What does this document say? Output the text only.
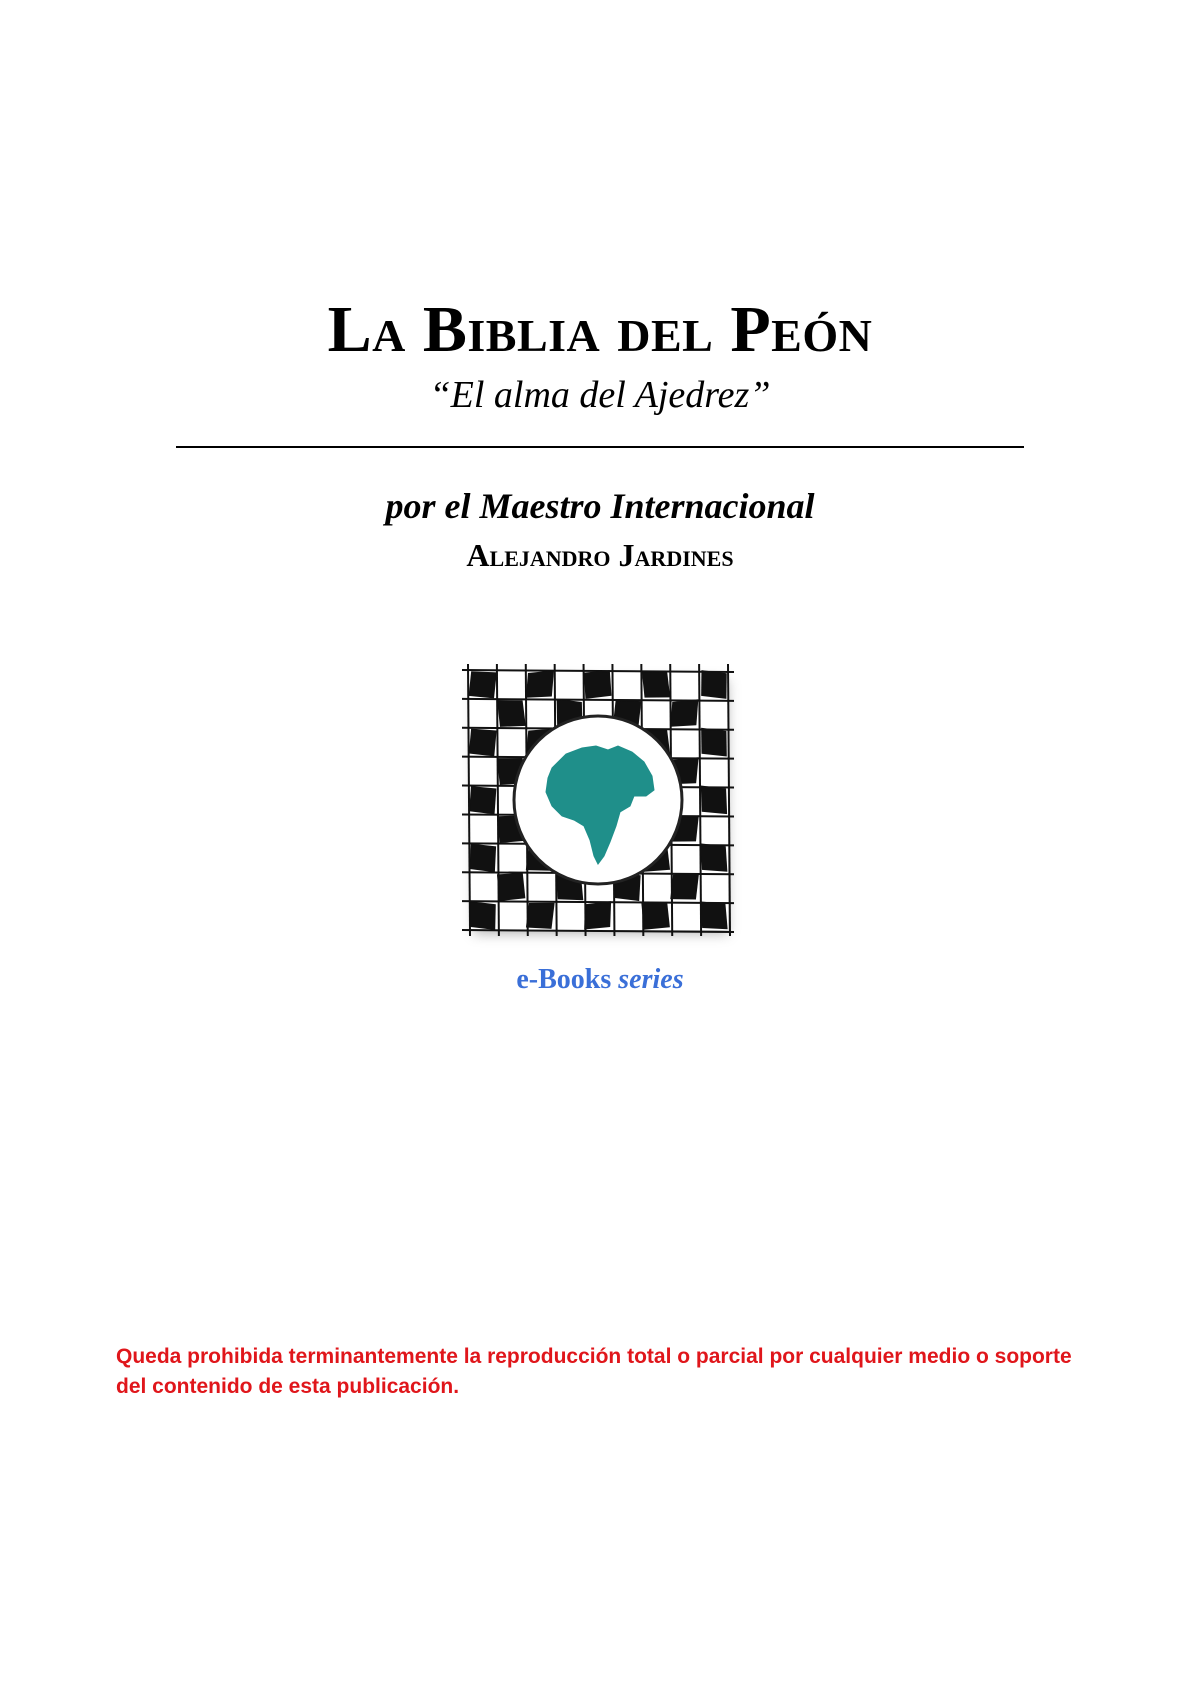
La Biblia del Peón
“El alma del Ajedrez”
por el Maestro Internacional
Alejandro Jardines
e-Books series
Queda prohibida terminantemente la reproducción total o parcial por cualquier medio o soporte del contenido de esta publicación.
